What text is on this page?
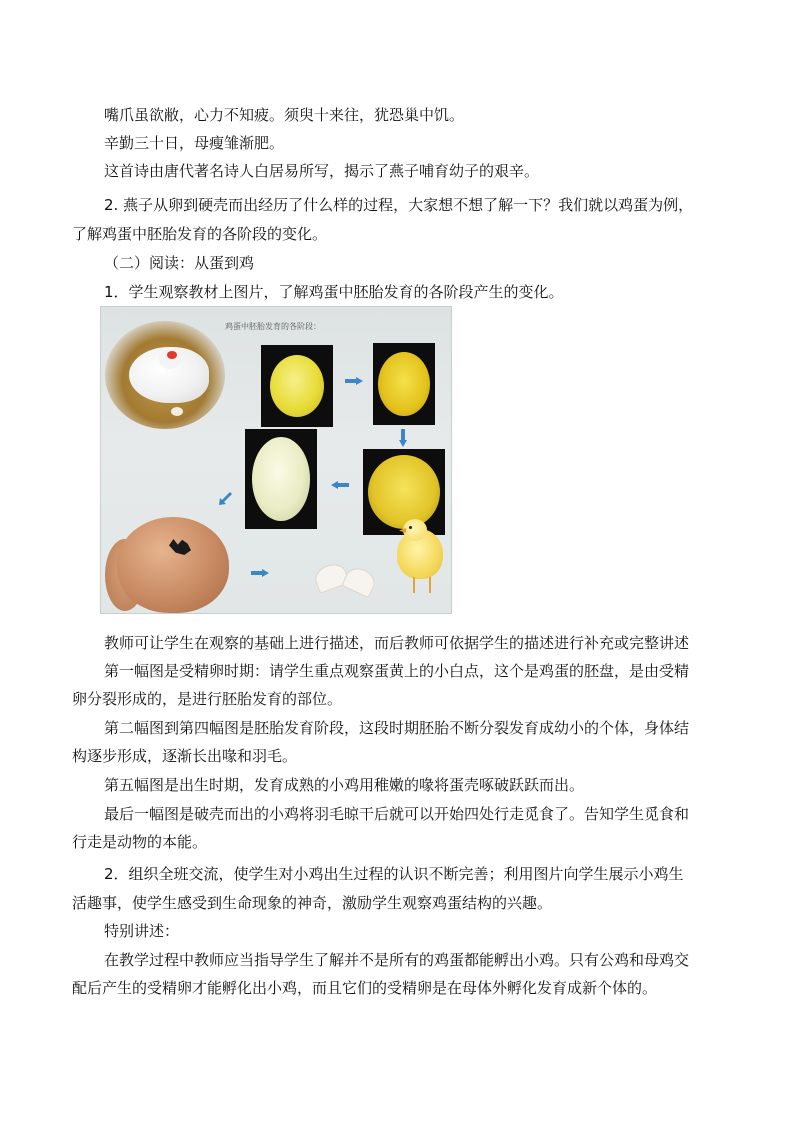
嘴爪虽欲敝，心力不知疲。须臾十来往，犹恐巢中饥。
辛勤三十日，母瘦雏渐肥。
这首诗由唐代著名诗人白居易所写，揭示了燕子哺育幼子的艰辛。
2. 燕子从卵到硬壳而出经历了什么样的过程，大家想不想了解一下？我们就以鸡蛋为例，
了解鸡蛋中胚胎发育的各阶段的变化。
（二）阅读：从蛋到鸡
1．学生观察教材上图片，了解鸡蛋中胚胎发育的各阶段产生的变化。
鸡蛋中胚胎发育的各阶段：
教师可让学生在观察的基础上进行描述，而后教师可依据学生的描述进行补充或完整讲述
第一幅图是受精卵时期：请学生重点观察蛋黄上的小白点，这个是鸡蛋的胚盘，是由受精
卵分裂形成的，是进行胚胎发育的部位。
第二幅图到第四幅图是胚胎发育阶段，这段时期胚胎不断分裂发育成幼小的个体，身体结
构逐步形成，逐渐长出喙和羽毛。
第五幅图是出生时期，发育成熟的小鸡用稚嫩的喙将蛋壳啄破跃跃而出。
最后一幅图是破壳而出的小鸡将羽毛晾干后就可以开始四处行走觅食了。告知学生觅食和
行走是动物的本能。
2．组织全班交流，使学生对小鸡出生过程的认识不断完善；利用图片向学生展示小鸡生
活趣事，使学生感受到生命现象的神奇，激励学生观察鸡蛋结构的兴趣。
特别讲述：
在教学过程中教师应当指导学生了解并不是所有的鸡蛋都能孵出小鸡。只有公鸡和母鸡交
配后产生的受精卵才能孵化出小鸡，而且它们的受精卵是在母体外孵化发育成新个体的。
